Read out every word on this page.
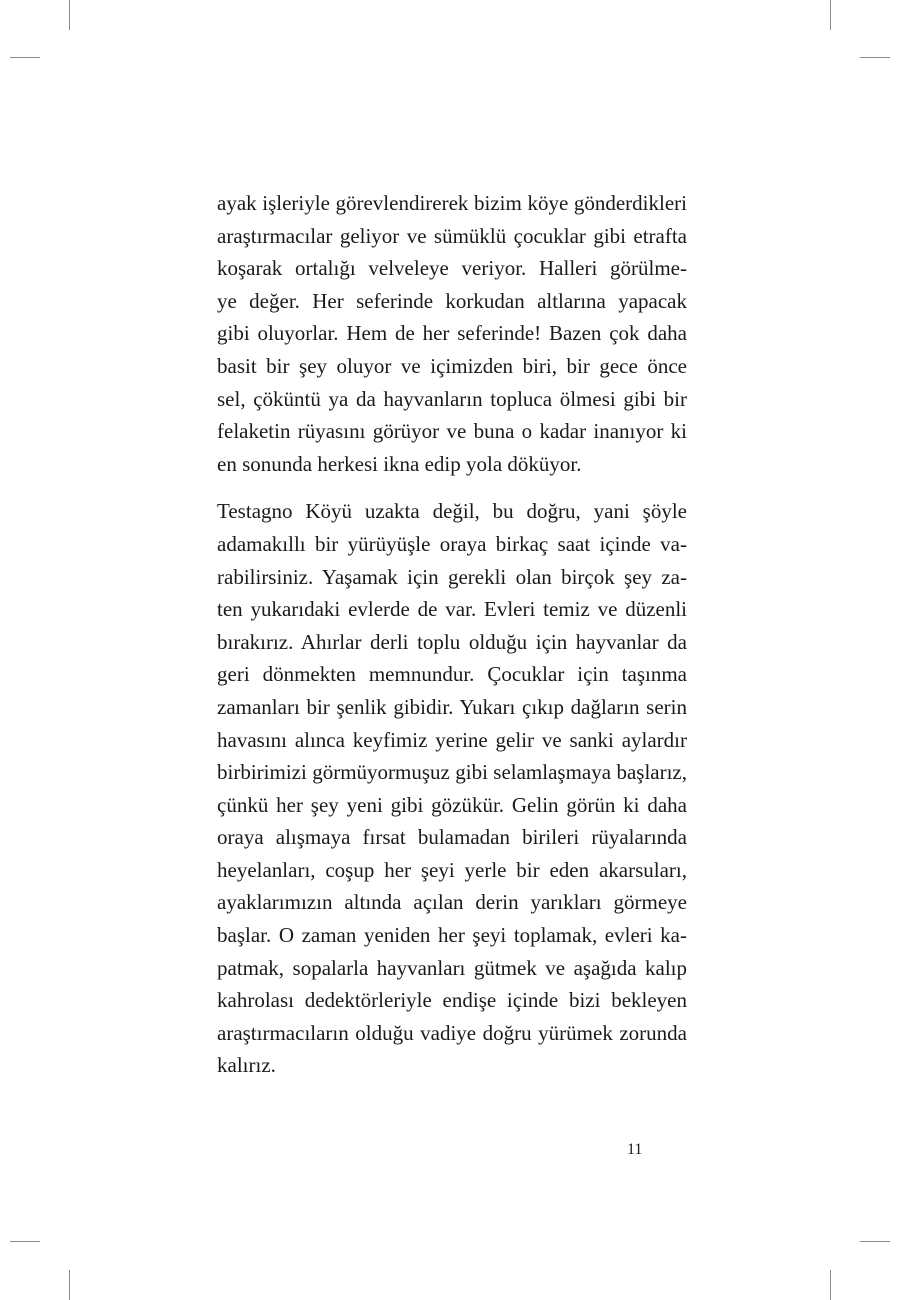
ayak işleriyle görevlendirerek bizim köye gönderdikleri
araştırmacılar geliyor ve sümüklü çocuklar gibi etrafta
koşarak ortalığı velveleye veriyor. Halleri görülme-
ye değer. Her seferinde korkudan altlarına yapacak
gibi oluyorlar. Hem de her seferinde! Bazen çok daha
basit bir şey oluyor ve içimizden biri, bir gece önce
sel, çöküntü ya da hayvanların topluca ölmesi gibi bir
felaketin rüyasını görüyor ve buna o kadar inanıyor ki
en sonunda herkesi ikna edip yola döküyor.
Testagno Köyü uzakta değil, bu doğru, yani şöyle
adamakıllı bir yürüyüşle oraya birkaç saat içinde va-
rabilirsiniz. Yaşamak için gerekli olan birçok şey za-
ten yukarıdaki evlerde de var. Evleri temiz ve düzenli
bırakırız. Ahırlar derli toplu olduğu için hayvanlar da
geri dönmekten memnundur. Çocuklar için taşınma
zamanları bir şenlik gibidir. Yukarı çıkıp dağların serin
havasını alınca keyfimiz yerine gelir ve sanki aylardır
birbirimizi görmüyormuşuz gibi selamlaşmaya başlarız,
çünkü her şey yeni gibi gözükür. Gelin görün ki daha
oraya alışmaya fırsat bulamadan birileri rüyalarında
heyelanları, coşup her şeyi yerle bir eden akarsuları,
ayaklarımızın altında açılan derin yarıkları görmeye
başlar. O zaman yeniden her şeyi toplamak, evleri ka-
patmak, sopalarla hayvanları gütmek ve aşağıda kalıp
kahrolası dedektörleriyle endişe içinde bizi bekleyen
araştırmacıların olduğu vadiye doğru yürümek zorunda
kalırız.
11
